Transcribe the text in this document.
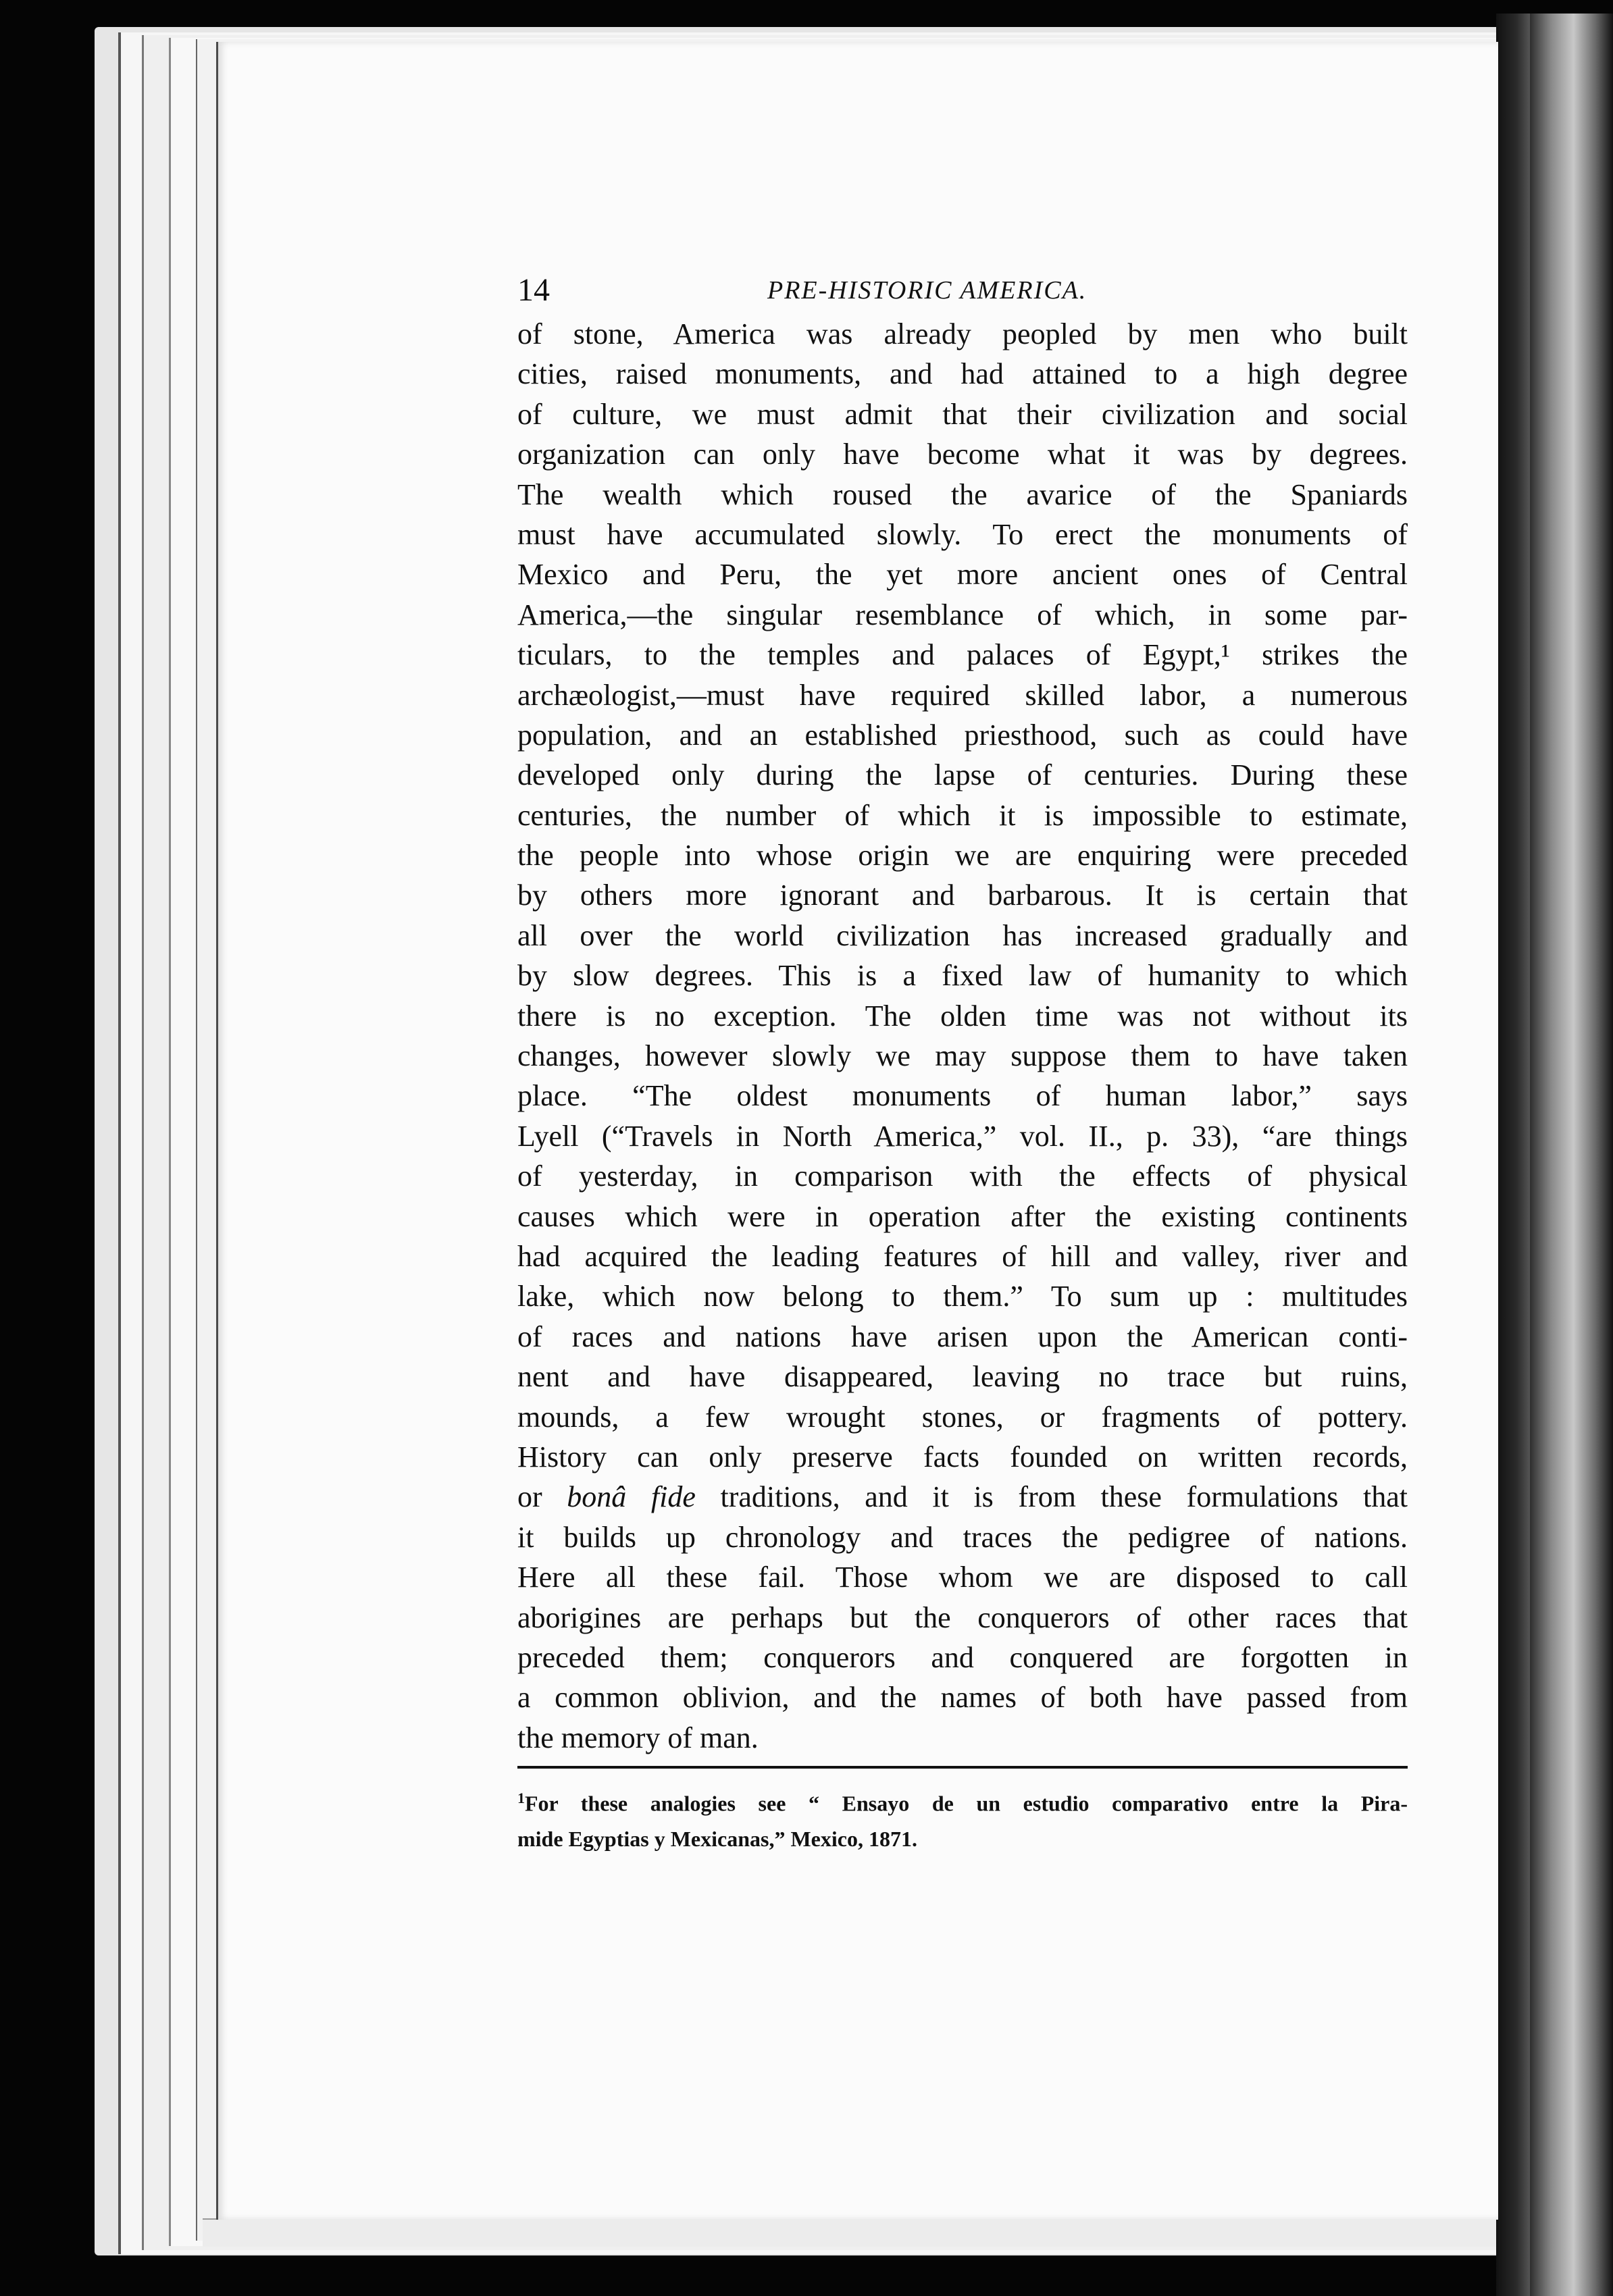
14	PRE-HISTORIC AMERICA.
of stone, America was already peopled by men who built
cities, raised monuments, and had attained to a high degree
of culture, we must admit that their civilization and social
organization can only have become what it was by degrees.
The wealth which roused the avarice of the Spaniards
must have accumulated slowly. To erect the monuments of
Mexico and Peru, the yet more ancient ones of Central
America,—the singular resemblance of which, in some par-
ticulars, to the temples and palaces of Egypt,¹ strikes the
archæologist,—must have required skilled labor, a numerous
population, and an established priesthood, such as could have
developed only during the lapse of centuries. During these
centuries, the number of which it is impossible to estimate,
the people into whose origin we are enquiring were preceded
by others more ignorant and barbarous. It is certain that
all over the world civilization has increased gradually and
by slow degrees. This is a fixed law of humanity to which
there is no exception. The olden time was not without its
changes, however slowly we may suppose them to have taken
place. “The oldest monuments of human labor,” says
Lyell (“Travels in North America,” vol. II., p. 33), “are things
of yesterday, in comparison with the effects of physical
causes which were in operation after the existing continents
had acquired the leading features of hill and valley, river and
lake, which now belong to them.” To sum up : multitudes
of races and nations have arisen upon the American conti-
nent and have disappeared, leaving no trace but ruins,
mounds, a few wrought stones, or fragments of pottery.
History can only preserve facts founded on written records,
or bonâ fide traditions, and it is from these formulations that
it builds up chronology and traces the pedigree of nations.
Here all these fail. Those whom we are disposed to call
aborigines are perhaps but the conquerors of other races that
preceded them; conquerors and conquered are forgotten in
a common oblivion, and the names of both have passed from
the memory of man.
$^1$For these analogies see “ Ensayo de un estudio comparativo entre la Pira-
mide Egyptias y Mexicanas,” Mexico, 1871.
